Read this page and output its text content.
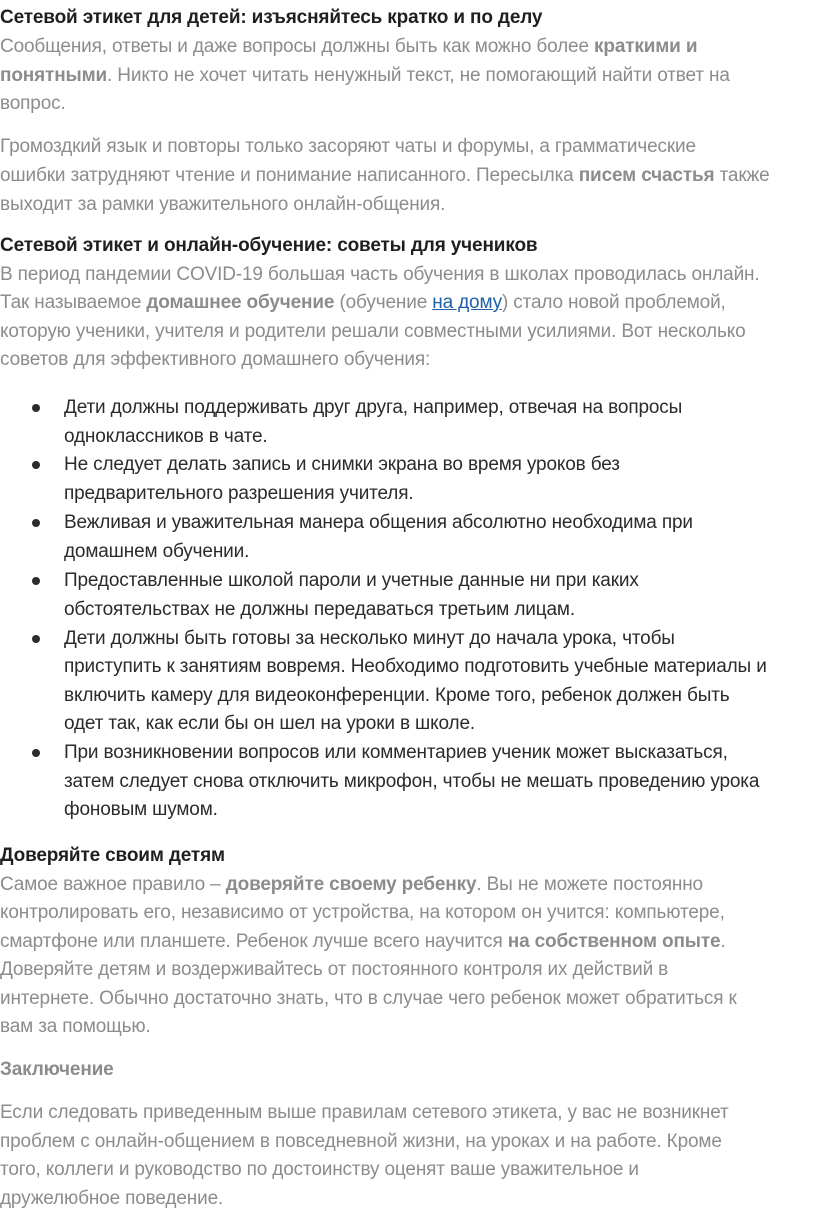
Сетевой этикет для детей: изъясняйтесь кратко и по делу
Сообщения, ответы и даже вопросы должны быть как можно более краткими и
понятными. Никто не хочет читать ненужный текст, не помогающий найти ответ на
вопрос.
Громоздкий язык и повторы только засоряют чаты и форумы, а грамматические
ошибки затрудняют чтение и понимание написанного. Пересылка писем счастья также
выходит за рамки уважительного онлайн-общения.
Сетевой этикет и онлайн-обучение: советы для учеников
В период пандемии COVID-19 большая часть обучения в школах проводилась онлайн.
Так называемое домашнее обучение (обучение на дому) стало новой проблемой,
которую ученики, учителя и родители решали совместными усилиями. Вот несколько
советов для эффективного домашнего обучения:
Дети должны поддерживать друг друга, например, отвечая на вопросы
одноклассников в чате.
Не следует делать запись и снимки экрана во время уроков без
предварительного разрешения учителя.
Вежливая и уважительная манера общения абсолютно необходима при
домашнем обучении.
Предоставленные школой пароли и учетные данные ни при каких
обстоятельствах не должны передаваться третьим лицам.
Дети должны быть готовы за несколько минут до начала урока, чтобы
приступить к занятиям вовремя. Необходимо подготовить учебные материалы и
включить камеру для видеоконференции. Кроме того, ребенок должен быть
одет так, как если бы он шел на уроки в школе.
При возникновении вопросов или комментариев ученик может высказаться,
затем следует снова отключить микрофон, чтобы не мешать проведению урока
фоновым шумом.
Доверяйте своим детям
Самое важное правило – доверяйте своему ребенку. Вы не можете постоянно
контролировать его, независимо от устройства, на котором он учится: компьютере,
смартфоне или планшете. Ребенок лучше всего научится на собственном опыте.
Доверяйте детям и воздерживайтесь от постоянного контроля их действий в
интернете. Обычно достаточно знать, что в случае чего ребенок может обратиться к
вам за помощью.
Заключение
Если следовать приведенным выше правилам сетевого этикета, у вас не возникнет
проблем с онлайн-общением в повседневной жизни, на уроках и на работе. Кроме
того, коллеги и руководство по достоинству оценят ваше уважительное и
дружелюбное поведение.
